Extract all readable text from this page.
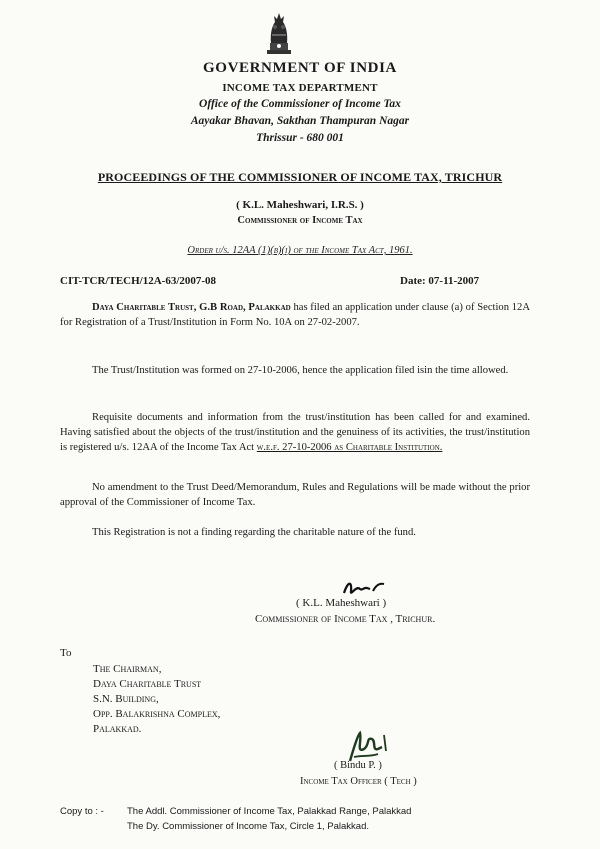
GOVERNMENT OF INDIA
INCOME TAX DEPARTMENT
Office of the Commissioner of Income Tax
Aayakar Bhavan, Sakthan Thampuran Nagar
Thrissur - 680 001
PROCEEDINGS OF THE COMMISSIONER OF INCOME TAX, TRICHUR
( K.L. Maheshwari, I.R.S. )
Commissioner of Income Tax
Order u/s. 12AA (1)(b)(i) of the Income Tax Act, 1961.
CIT-TCR/TECH/12A-63/2007-08	Date: 07-11-2007
Daya Charitable Trust, G.B Road, Palakkad has filed an application under clause (a) of Section 12A for Registration of a Trust/Institution in Form No. 10A on 27-02-2007.
The Trust/Institution was formed on 27-10-2006, hence the application filed isin the time allowed.
Requisite documents and information from the trust/institution has been called for and examined. Having satisfied about the objects of the trust/institution and the genuiness of its activities, the trust/institution is registered u/s. 12AA of the Income Tax Act w.e.f. 27-10-2006 as Charitable Institution.
No amendment to the Trust Deed/Memorandum, Rules and Regulations will be made without the prior approval of the Commissioner of Income Tax.
This Registration is not a finding regarding the charitable nature of the fund.
( K.L. Maheshwari )
Commissioner of Income Tax , Trichur.
To
The Chairman,
Daya Charitable Trust
S.N. Building,
Opp. Balakrishna Complex,
Palakkad.
( Bindu P. )
Income Tax Officer ( Tech )
Copy to : - The Addl. Commissioner of Income Tax, Palakkad Range, Palakkad
The Dy. Commissioner of Income Tax, Circle 1, Palakkad.
